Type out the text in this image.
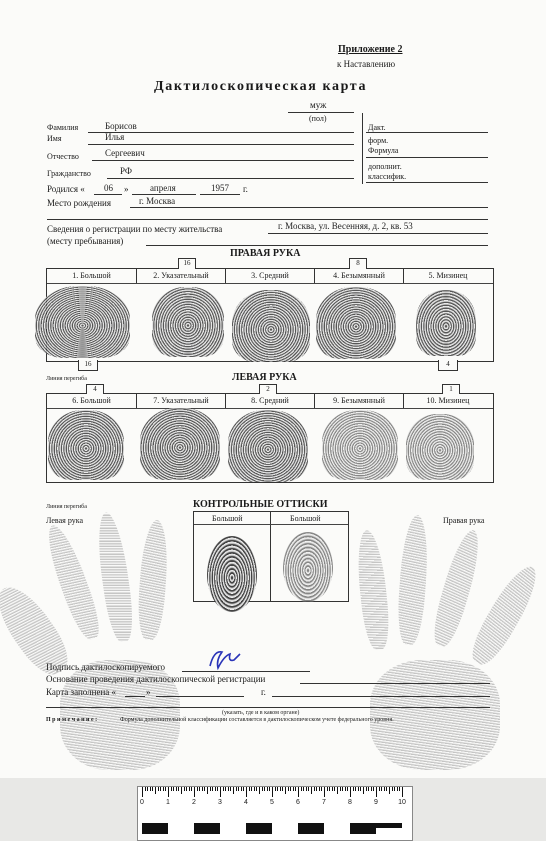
Приложение 2
к Наставлению
Дактилоскопическая карта
муж
(пол)
Фамилия	Борисов
Имя	Илья
Отчество	Сергеевич
Гражданство	РФ
Родился « 06 » апреля	1957 г.
Место рождения	г. Москва
Сведения о регистрации по месту жительства	г. Москва, ул. Весенняя, д. 2, кв. 53
(месту пребывания)
Дакт.
форм.
Формула
дополнит.
классифик.
ПРАВАЯ РУКА
1. Большой	2. Указательный	3. Средний	4. Безымянный	5. Мизинец
16	8
16	4
Линия перегиба	ЛЕВАЯ РУКА
6. Большой	7. Указательный	8. Средний	9. Безымянный	10. Мизинец
4	2	1
Линия перегиба	КОНТРОЛЬНЫЕ ОТТИСКИ
Левая рука	Правая рука
Большой	Большой
Подпись дактилоскопируемого
Основание проведения дактилоскопической регистрации
Карта заполнена «	»	г.
(указать, где и в каком органе)
П р и м е ч а н и е :	Формула дополнительной классификации составляется в дактилоскопическом учете федерального уровня.
0	1	2	3	4	5	6	7	8	9	10
